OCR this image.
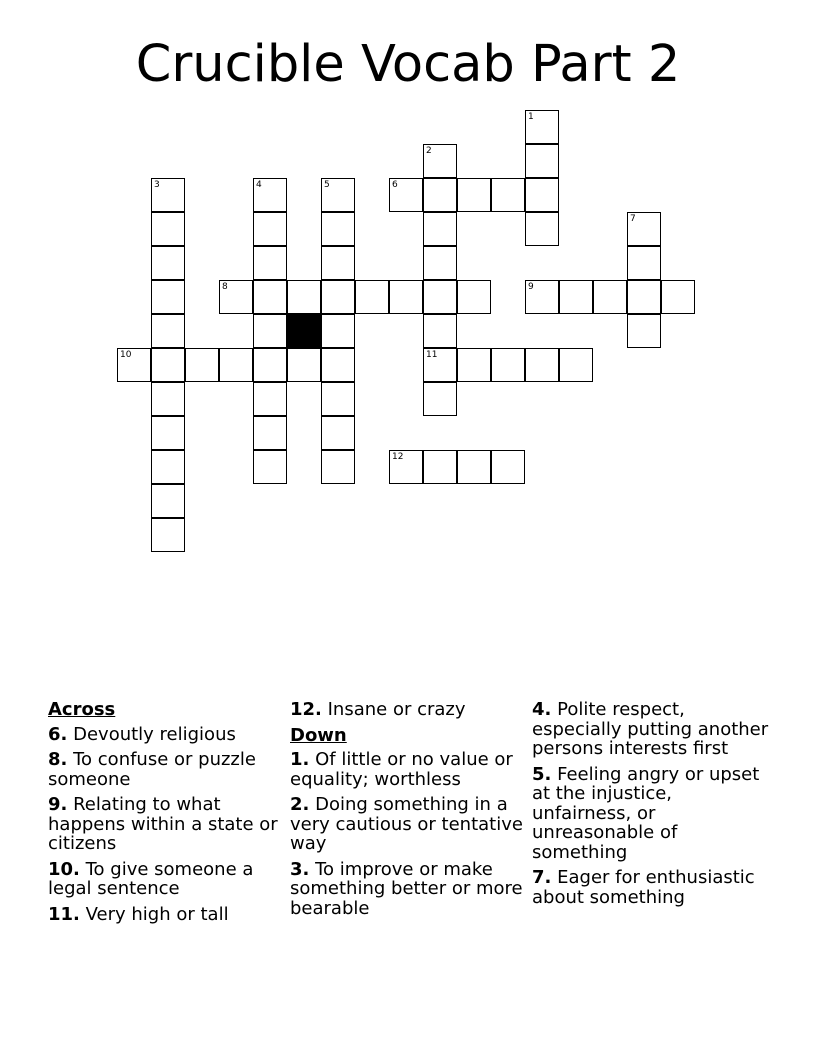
Crucible Vocab Part 2
1
2
11
3	4	5	6
7
8	9
10
12
Across
6. Devoutly religious
8. To confuse or puzzle someone
9. Relating to what happens within a state or citizens
10. To give someone a legal sentence
11. Very high or tall
12. Insane or crazy
Down
1. Of little or no value or equality; worthless
2. Doing something in a very cautious or tentative way
3. To improve or make something better or more bearable
4. Polite respect, especially putting another persons interests first
5. Feeling angry or upset at the injustice, unfairness, or unreasonable of something
7. Eager for enthusiastic about something
